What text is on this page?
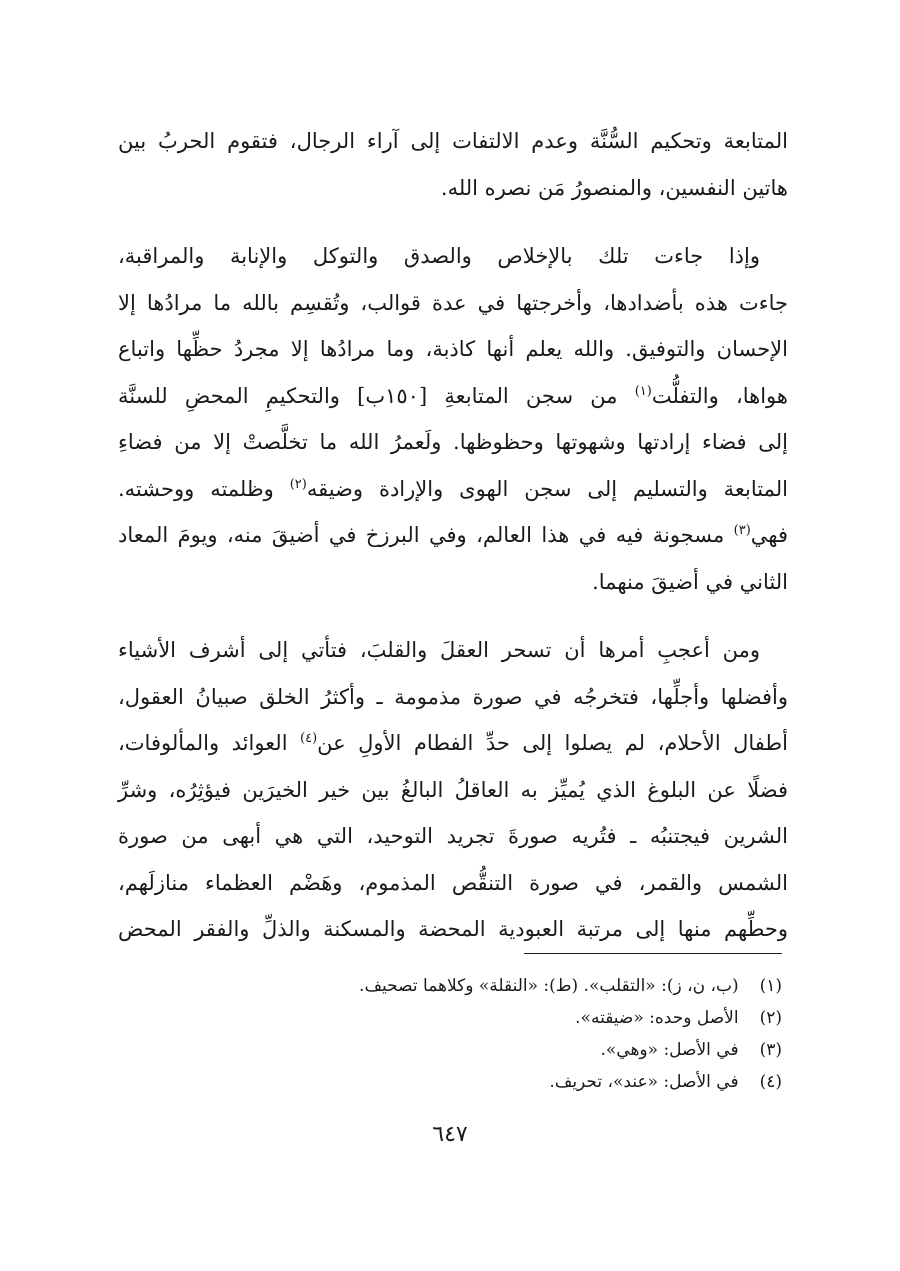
المتابعة وتحكيم السُّنَّة وعدم الالتفات إلى آراء الرجال، فتقوم الحربُ بين
هاتين النفسين، والمنصورُ مَن نصره الله.

وإذا جاءت تلك بالإخلاص والصدق والتوكل والإنابة والمراقبة،
جاءت هذه بأضدادها، وأخرجتها في عدة قوالب، وتُقسِم بالله ما مرادُها إلا
الإحسان والتوفيق. والله يعلم أنها كاذبة، وما مرادُها إلا مجردُ حظِّها واتباع
هواها، والتفلُّت$^{(١)}$ من سجن المتابعةِ [١٥٠ب] والتحكيمِ المحضِ للسنَّة
إلى فضاء إرادتها وشهوتها وحظوظها. ولَعمرُ الله ما تخلَّصتْ إلا من فضاءِ
المتابعة والتسليم إلى سجن الهوى والإرادة وضيقه$^{(٢)}$ وظلمته ووحشته.
فهي$^{(٣)}$ مسجونة فيه في هذا العالم، وفي البرزخ في أضيقَ منه، ويومَ المعاد
الثاني في أضيقَ منهما.

ومن أعجبِ أمرها أن تسحر العقلَ والقلبَ، فتأتي إلى أشرف الأشياء
وأفضلها وأجلِّها، فتخرجُه في صورة مذمومة ـ وأكثرُ الخلق صبيانُ العقول،
أطفال الأحلام، لم يصلوا إلى حدِّ الفطام الأولِ عن$^{(٤)}$ العوائد والمألوفات،
فضلًا عن البلوغ الذي يُميِّز به العاقلُ البالغُ بين خير الخيرَين فيؤثِرُه، وشرِّ
الشرين فيجتنبُه ـ فتُريه صورةَ تجريد التوحيد، التي هي أبهى من صورة
الشمس والقمر، في صورة التنقُّص المذموم، وهَضْم العظماء منازلَهم،
وحطِّهم منها إلى مرتبة العبودية المحضة والمسكنة والذلِّ والفقر المحض

(١) (ب، ن، ز): «التقلب». (ط): «النقلة» وكلاهما تصحيف.
(٢) الأصل وحده: «ضيقته».
(٣) في الأصل: «وهي».
(٤) في الأصل: «عند»، تحريف.
٦٤٧
